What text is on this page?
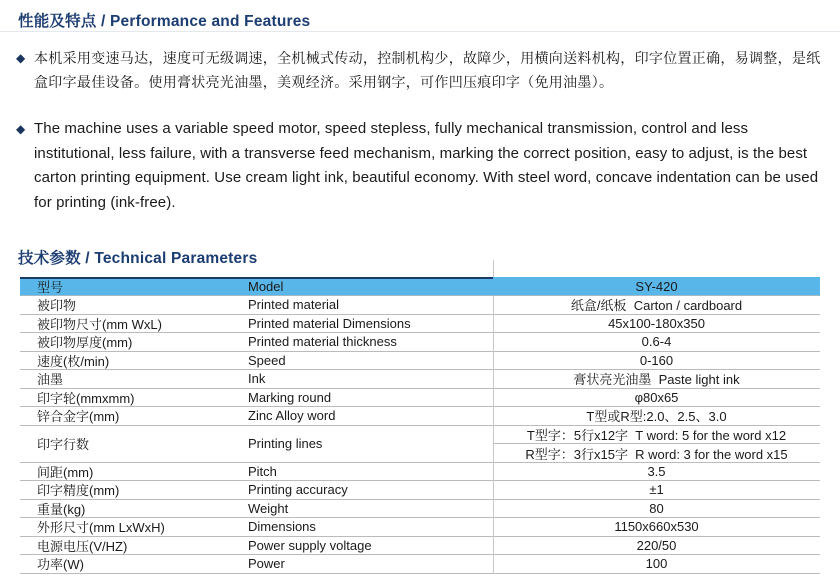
性能及特点 / Performance and Features
◆ 本机采用变速马达，速度可无级调速，全机械式传动，控制机构少，故障少，用横向送料机构，印字位置正确，易调整，是纸盒印字最佳设备。使用膏状亮光油墨，美观经济。采用钢字，可作凹压痕印字（免用油墨）。
◆ The machine uses a variable speed motor, speed stepless, fully mechanical transmission, control and less institutional, less failure, with a transverse feed mechanism, marking the correct position, easy to adjust, is the best carton printing equipment. Use cream light ink, beautiful economy. With steel word, concave indentation can be used for printing (ink-free).
技术参数 / Technical Parameters
型号	Model	SY-420
被印物	Printed material	纸盒/纸板  Carton / cardboard
被印物尺寸(mm WxL)	Printed material Dimensions	45x100-180x350
被印物厚度(mm)	Printed material thickness	0.6-4
速度(枚/min)	Speed	0-160
油墨	Ink	膏状亮光油墨  Paste light ink
印字轮(mmxmm)	Marking round	φ80x65
锌合金字(mm)	Zinc Alloy word	T型或R型:2.0、2.5、3.0
印字行数	Printing lines
T型字：5行x12字  T word: 5 for the word x12
R型字：3行x15字  R word: 3 for the word x15
间距(mm)	Pitch	3.5
印字精度(mm)	Printing accuracy	±1
重量(kg)	Weight	80
外形尺寸(mm LxWxH)	Dimensions	1150x660x530
电源电压(V/HZ)	Power supply voltage	220/50
功率(W)	Power	100
